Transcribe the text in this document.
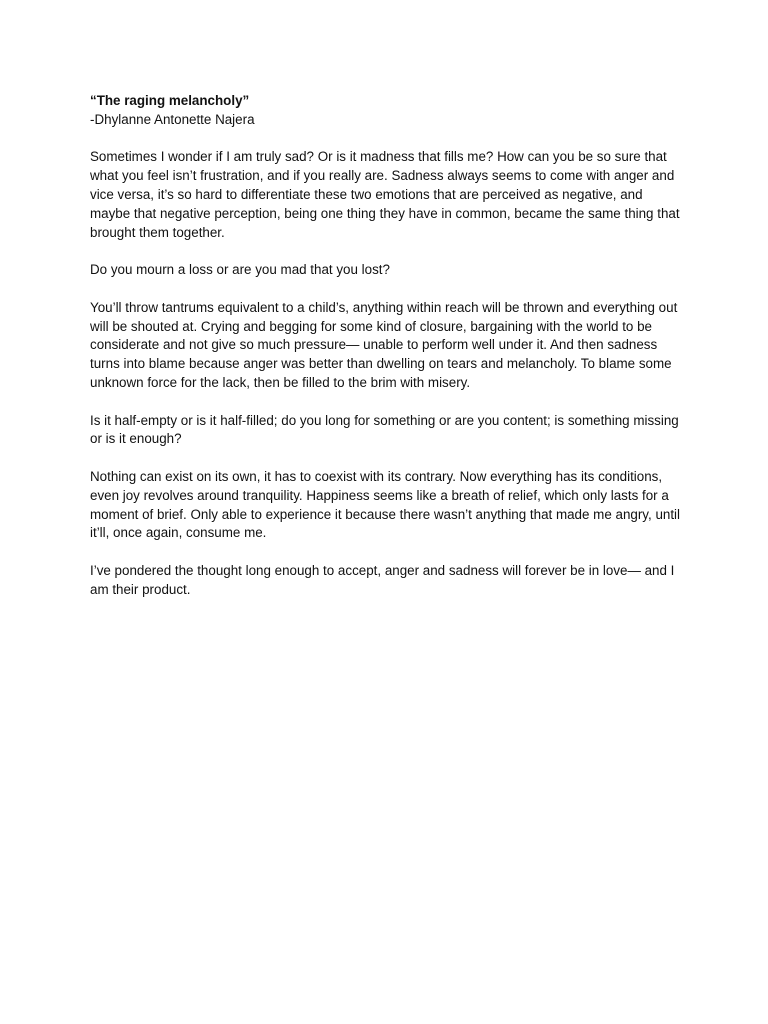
“The raging melancholy”

-Dhylanne Antonette Najera

Sometimes I wonder if I am truly sad? Or is it madness that fills me? How can you be so sure that what you feel isn’t frustration, and if you really are. Sadness always seems to come with anger and vice versa, it’s so hard to differentiate these two emotions that are perceived as negative, and maybe that negative perception, being one thing they have in common, became the same thing that brought them together.

Do you mourn a loss or are you mad that you lost?

You’ll throw tantrums equivalent to a child’s, anything within reach will be thrown and everything out will be shouted at. Crying and begging for some kind of closure, bargaining with the world to be considerate and not give so much pressure— unable to perform well under it. And then sadness turns into blame because anger was better than dwelling on tears and melancholy. To blame some unknown force for the lack, then be filled to the brim with misery.

Is it half-empty or is it half-filled; do you long for something or are you content; is something missing or is it enough?

Nothing can exist on its own, it has to coexist with its contrary. Now everything has its conditions, even joy revolves around tranquility. Happiness seems like a breath of relief, which only lasts for a moment of brief. Only able to experience it because there wasn’t anything that made me angry, until it’ll, once again, consume me.

I’ve pondered the thought long enough to accept, anger and sadness will forever be in love— and I am their product.
